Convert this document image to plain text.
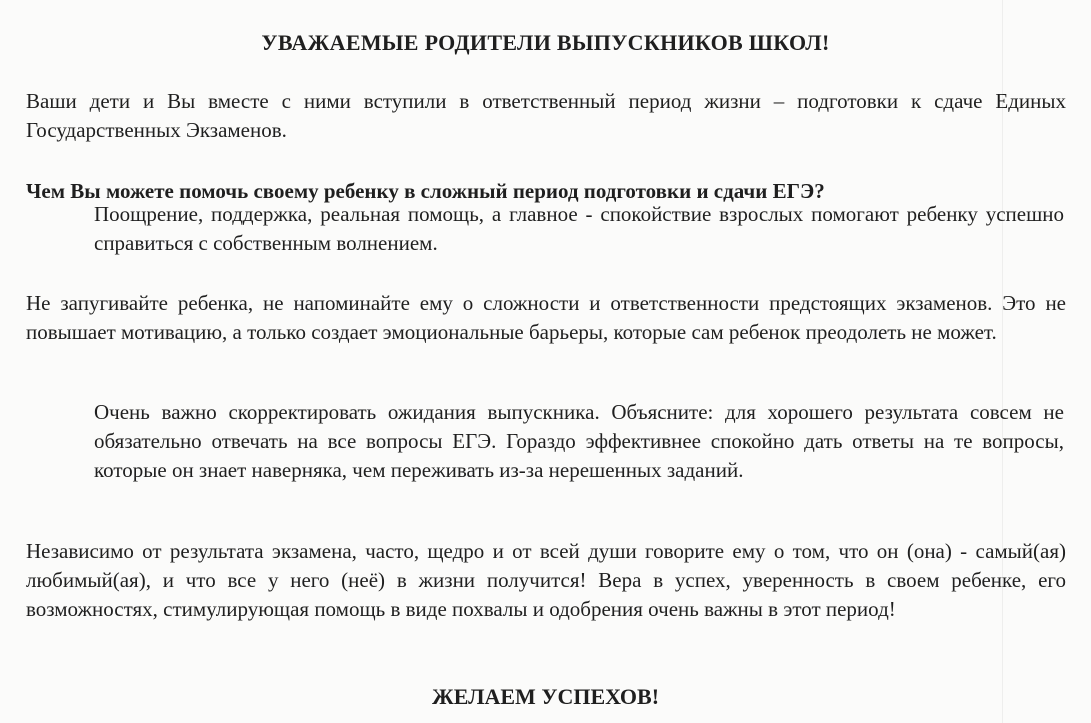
УВАЖАЕМЫЕ РОДИТЕЛИ ВЫПУСКНИКОВ ШКОЛ!

Ваши дети и Вы вместе с ними вступили в ответственный период жизни – подготовки к сдаче Единых Государственных Экзаменов.

Чем Вы можете помочь своему ребенку в сложный период подготовки и сдачи ЕГЭ?

Поощрение, поддержка, реальная помощь, а главное - спокойствие взрослых помогают ребенку успешно справиться с собственным волнением.

Не запугивайте ребенка, не напоминайте ему о сложности и ответственности предстоящих экзаменов. Это не повышает мотивацию, а только создает эмоциональные барьеры, которые сам ребенок преодолеть не может.

Очень важно скорректировать ожидания выпускника. Объясните: для хорошего результата совсем не обязательно отвечать на все вопросы ЕГЭ. Гораздо эффективнее спокойно дать ответы на те вопросы, которые он знает наверняка, чем переживать из-за нерешенных заданий.

Независимо от результата экзамена, часто, щедро и от всей души говорите ему о том, что он (она) - самый(ая) любимый(ая), и что все у него (неё) в жизни получится! Вера в успех, уверенность в своем ребенке, его возможностях, стимулирующая помощь в виде похвалы и одобрения очень важны в этот период!

ЖЕЛАЕМ УСПЕХОВ!
